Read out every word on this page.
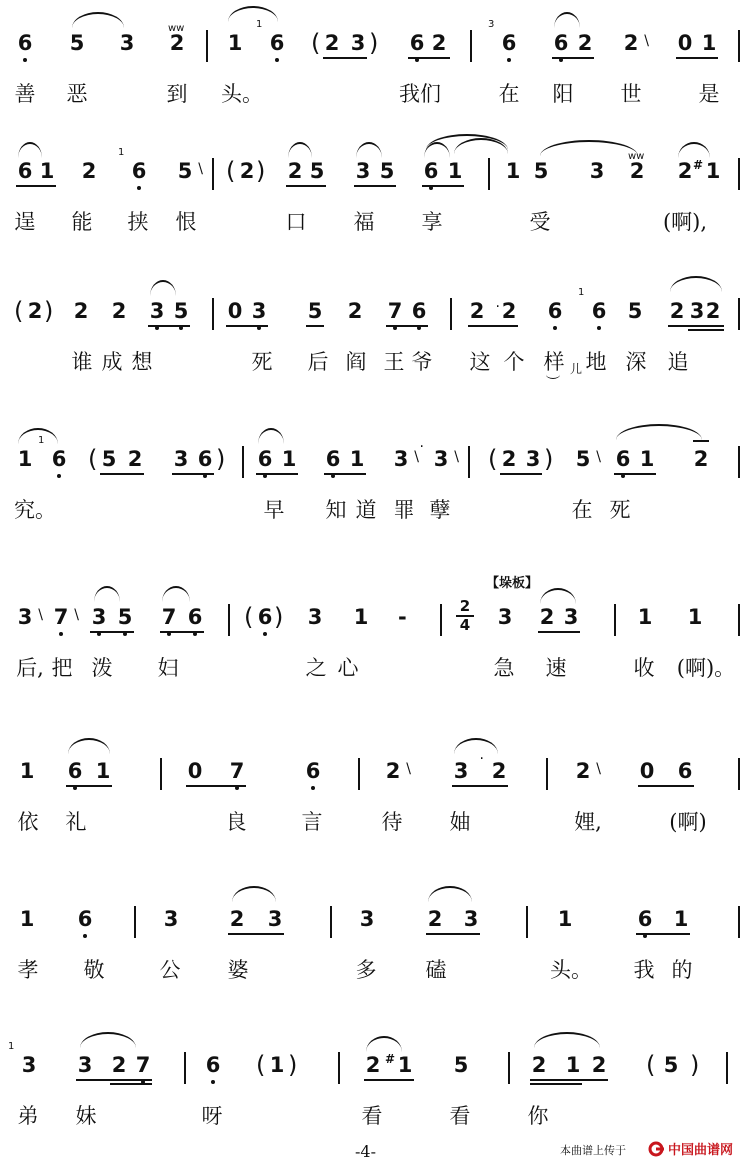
6 5 3 2
ww
1 6
1
( 2 3 ) 6 2	6
3
6 2 2 \ 0 1
善 恶	到 头。	我们	在 阳 世	是
6 1 2 6
1
5 \ ( 2 ) 2 5 3 5 6 1 1 5 3 2
ww
2 1
#
逞 能 挟 恨	口 福 享	受	(啊),
( 2 ) 2 2 3 5 0 3 5 2 7 6 2 · 2 6 6
1
5 2 3 2
谁 成 想	死 后 阎 王 爷 这 个 样 儿 地 深 追
1 6
1
( 5 2 3 6 ) 6 1 6 1 3 \
· 3 \ ( 2 3 ) 5 \ 6 1 2
究。	早 知 道 罪 孽	在 死
【垛板】
3 \ 7 \ 3 5 7 6 ( 6 ) 3 1 -	2
4 3 2 3	1 1
后, 把 泼 妇	之 心	急 速	收	(啊)。
1 6 1	0 7	6	2 \ 3 · 2	2 \ 0 6
依 礼	良	言	待 妯	娌,	(啊)
1 6	3 2 3	3	2 3	1	6 1
孝 敬	公 婆	多 磕	头。 我 的
3
1
3 2 7	6 ( 1 )	2 1
#	5	2 1 2 ( 5 )
弟 妹	呀	看	看	你
-4-	本曲谱上传于	中国曲谱网
